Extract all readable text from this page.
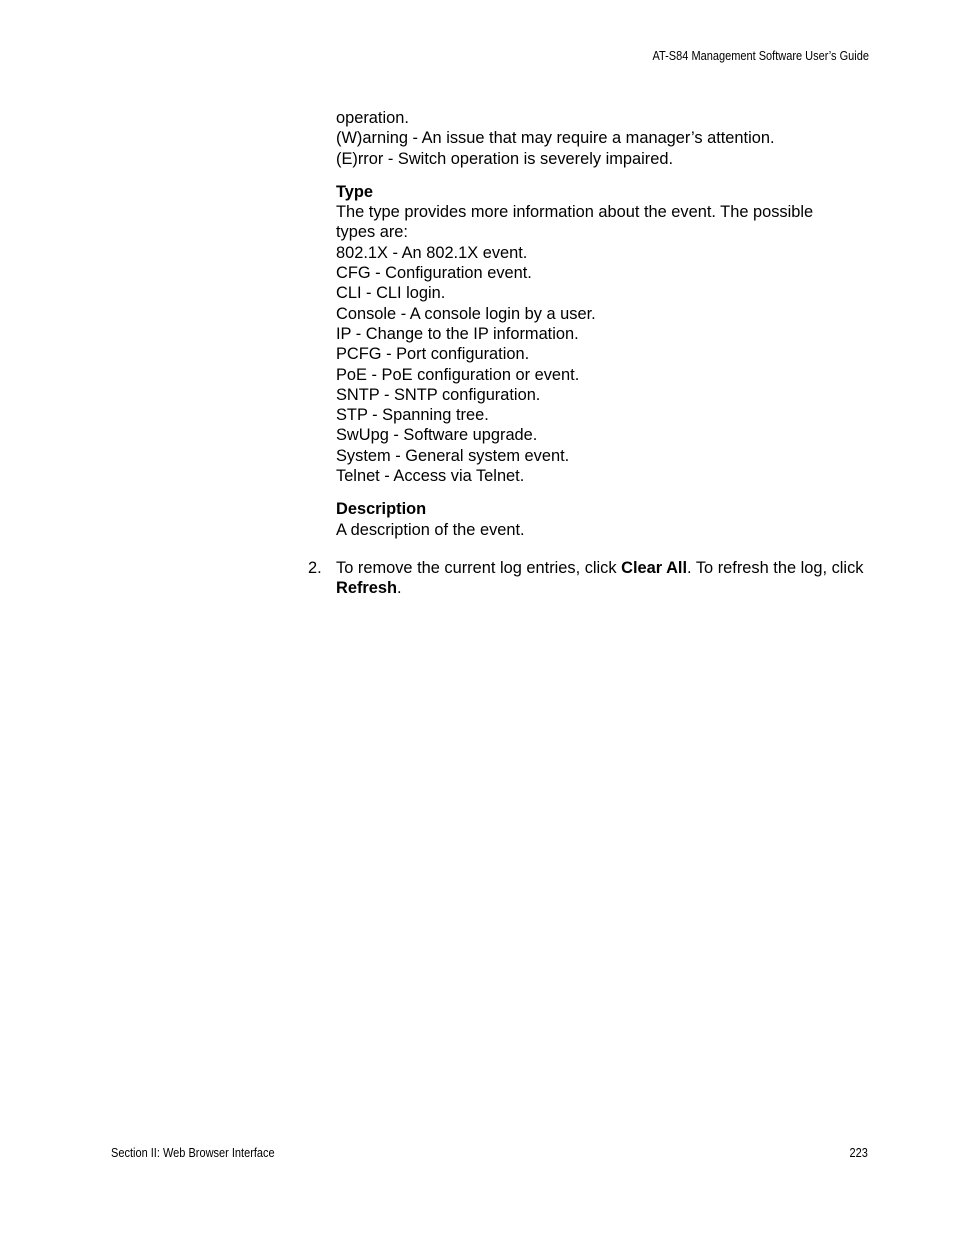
AT-S84 Management Software User’s Guide
operation.
(W)arning - An issue that may require a manager’s attention.
(E)rror - Switch operation is severely impaired.
Type
The type provides more information about the event. The possible types are:
802.1X - An 802.1X event.
CFG - Configuration event.
CLI - CLI login.
Console - A console login by a user.
IP - Change to the IP information.
PCFG - Port configuration.
PoE - PoE configuration or event.
SNTP - SNTP configuration.
STP - Spanning tree.
SwUpg - Software upgrade.
System - General system event.
Telnet - Access via Telnet.
Description
A description of the event.
2. To remove the current log entries, click Clear All. To refresh the log, click Refresh.
Section II: Web Browser Interface	223
